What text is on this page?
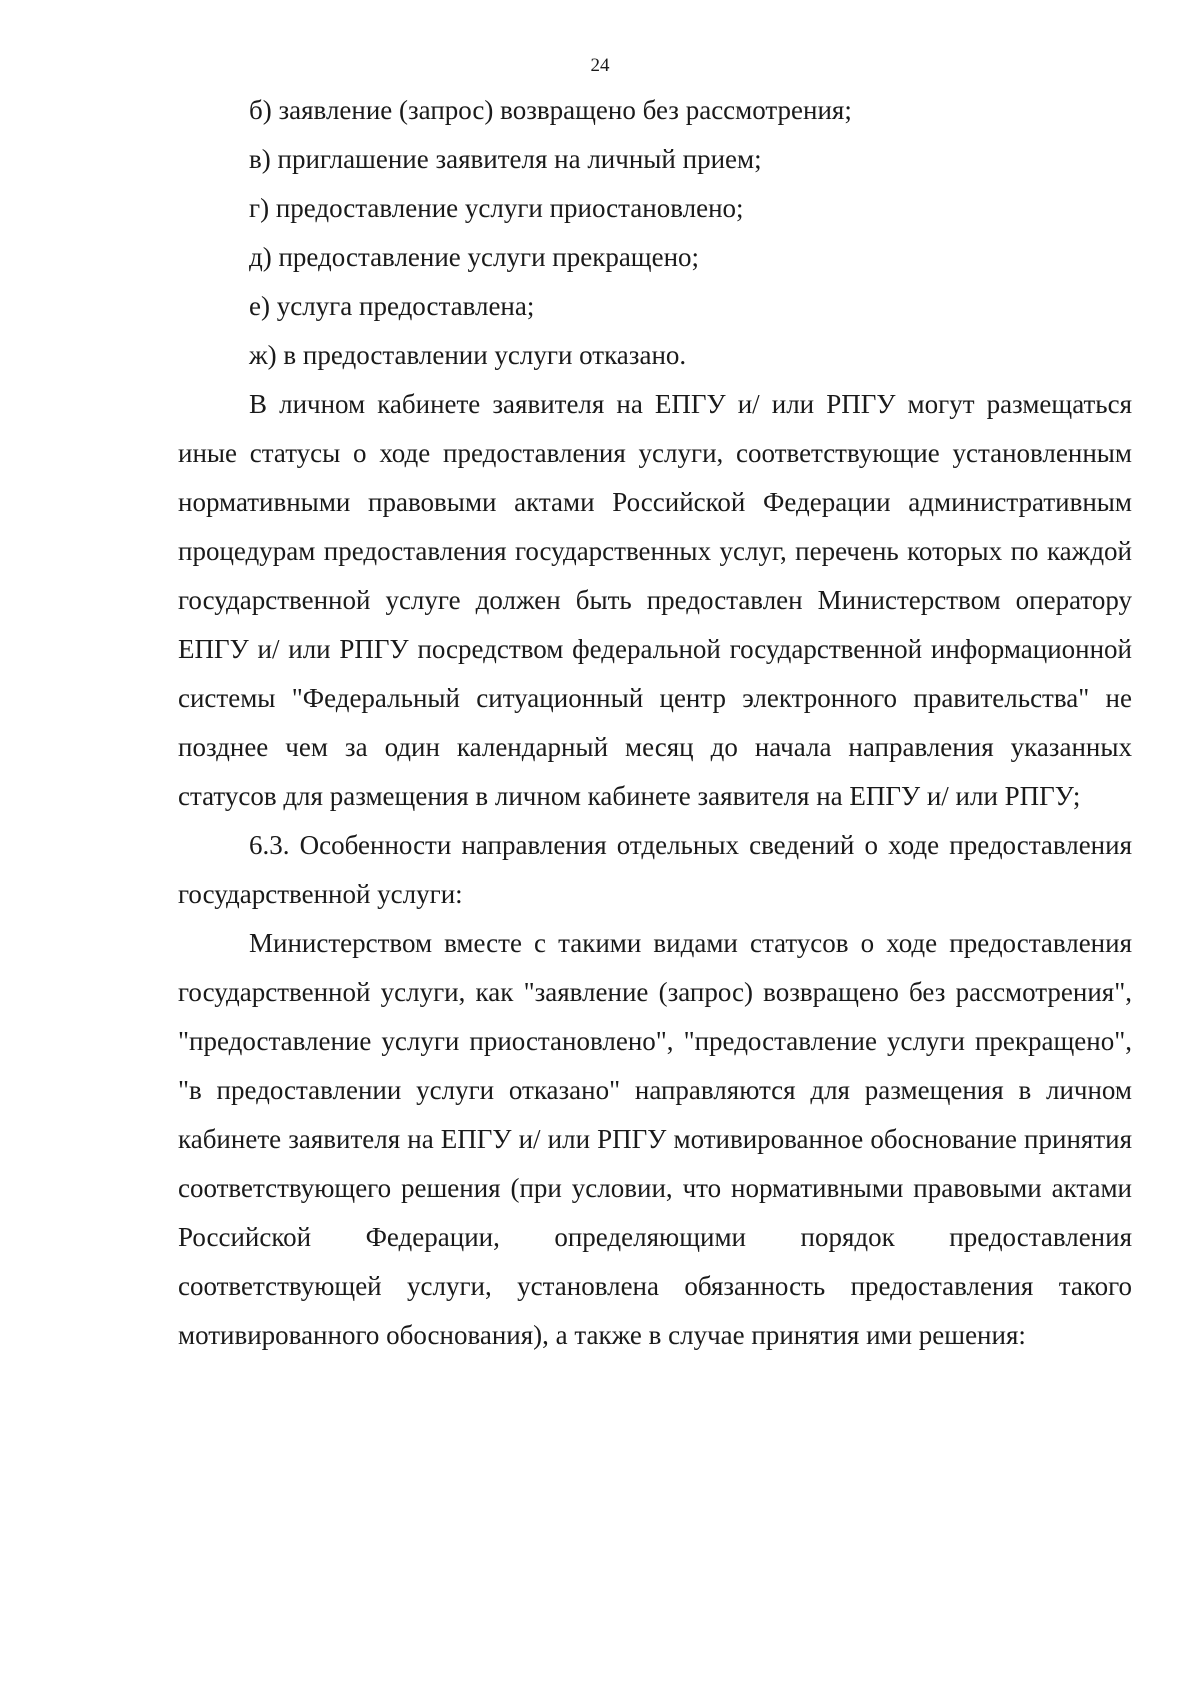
24

б) заявление (запрос) возвращено без рассмотрения;

в) приглашение заявителя на личный прием;

г) предоставление услуги приостановлено;

д) предоставление услуги прекращено;

е) услуга предоставлена;

ж) в предоставлении услуги отказано.

В личном кабинете заявителя на ЕПГУ и/ или РПГУ могут размещаться иные статусы о ходе предоставления услуги, соответствующие установленным нормативными правовыми актами Российской Федерации административным процедурам предоставления государственных услуг, перечень которых по каждой государственной услуге должен быть предоставлен Министерством оператору ЕПГУ и/ или РПГУ посредством федеральной государственной информационной системы "Федеральный ситуационный центр электронного правительства" не позднее чем за один календарный месяц до начала направления указанных статусов для размещения в личном кабинете заявителя на ЕПГУ и/ или РПГУ;

6.3. Особенности направления отдельных сведений о ходе предоставления государственной услуги:

Министерством вместе с такими видами статусов о ходе предоставления государственной услуги, как "заявление (запрос) возвращено без рассмотрения", "предоставление услуги приостановлено", "предоставление услуги прекращено", "в предоставлении услуги отказано" направляются для размещения в личном кабинете заявителя на ЕПГУ и/ или РПГУ мотивированное обоснование принятия соответствующего решения (при условии, что нормативными правовыми актами Российской Федерации, определяющими порядок предоставления соответствующей услуги, установлена обязанность предоставления такого мотивированного обоснования), а также в случае принятия ими решения:
